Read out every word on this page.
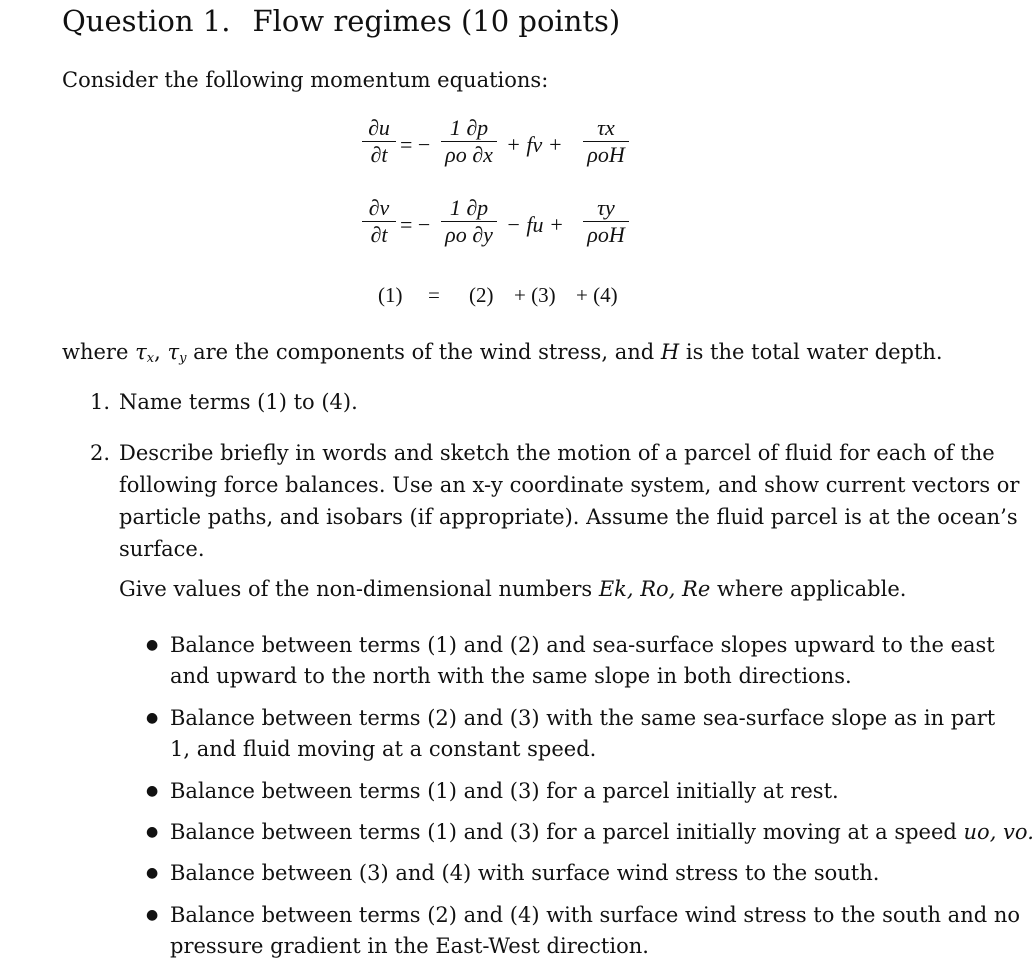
Question 1. Flow regimes (10 points)
Consider the following momentum equations:
$\frac{\partial u}{\partial t}$ = − $\frac{1 \partial p}{\rho o \partial x}$ + fv +
τx
ρoH
$\frac{\partial v}{\partial t}$ = − $\frac{1 \partial p}{\rho o \partial y}$ − fu +
τy
ρoH
(1) = (2) + (3) + (4)
where $\tau_x$, $\tau_y$ are the components of the wind stress, and H is the total water depth.
1. Name terms (1) to (4).
2. Describe briefly in words and sketch the motion of a parcel of fluid for each of the
following force balances. Use an x-y coordinate system, and show current vectors or
particle paths, and isobars (if appropriate). Assume the fluid parcel is at the ocean’s
surface.
Give values of the non-dimensional numbers Ek, Ro, Re where applicable.
● Balance between terms (1) and (2) and sea-surface slopes upward to the east
and upward to the north with the same slope in both directions.
● Balance between terms (2) and (3) with the same sea-surface slope as in part
1, and fluid moving at a constant speed.
● Balance between terms (1) and (3) for a parcel initially at rest.
● Balance between terms (1) and (3) for a parcel initially moving at a speed uo, vo.
● Balance between (3) and (4) with surface wind stress to the south.
● Balance between terms (2) and (4) with surface wind stress to the south and no
pressure gradient in the East-West direction.
